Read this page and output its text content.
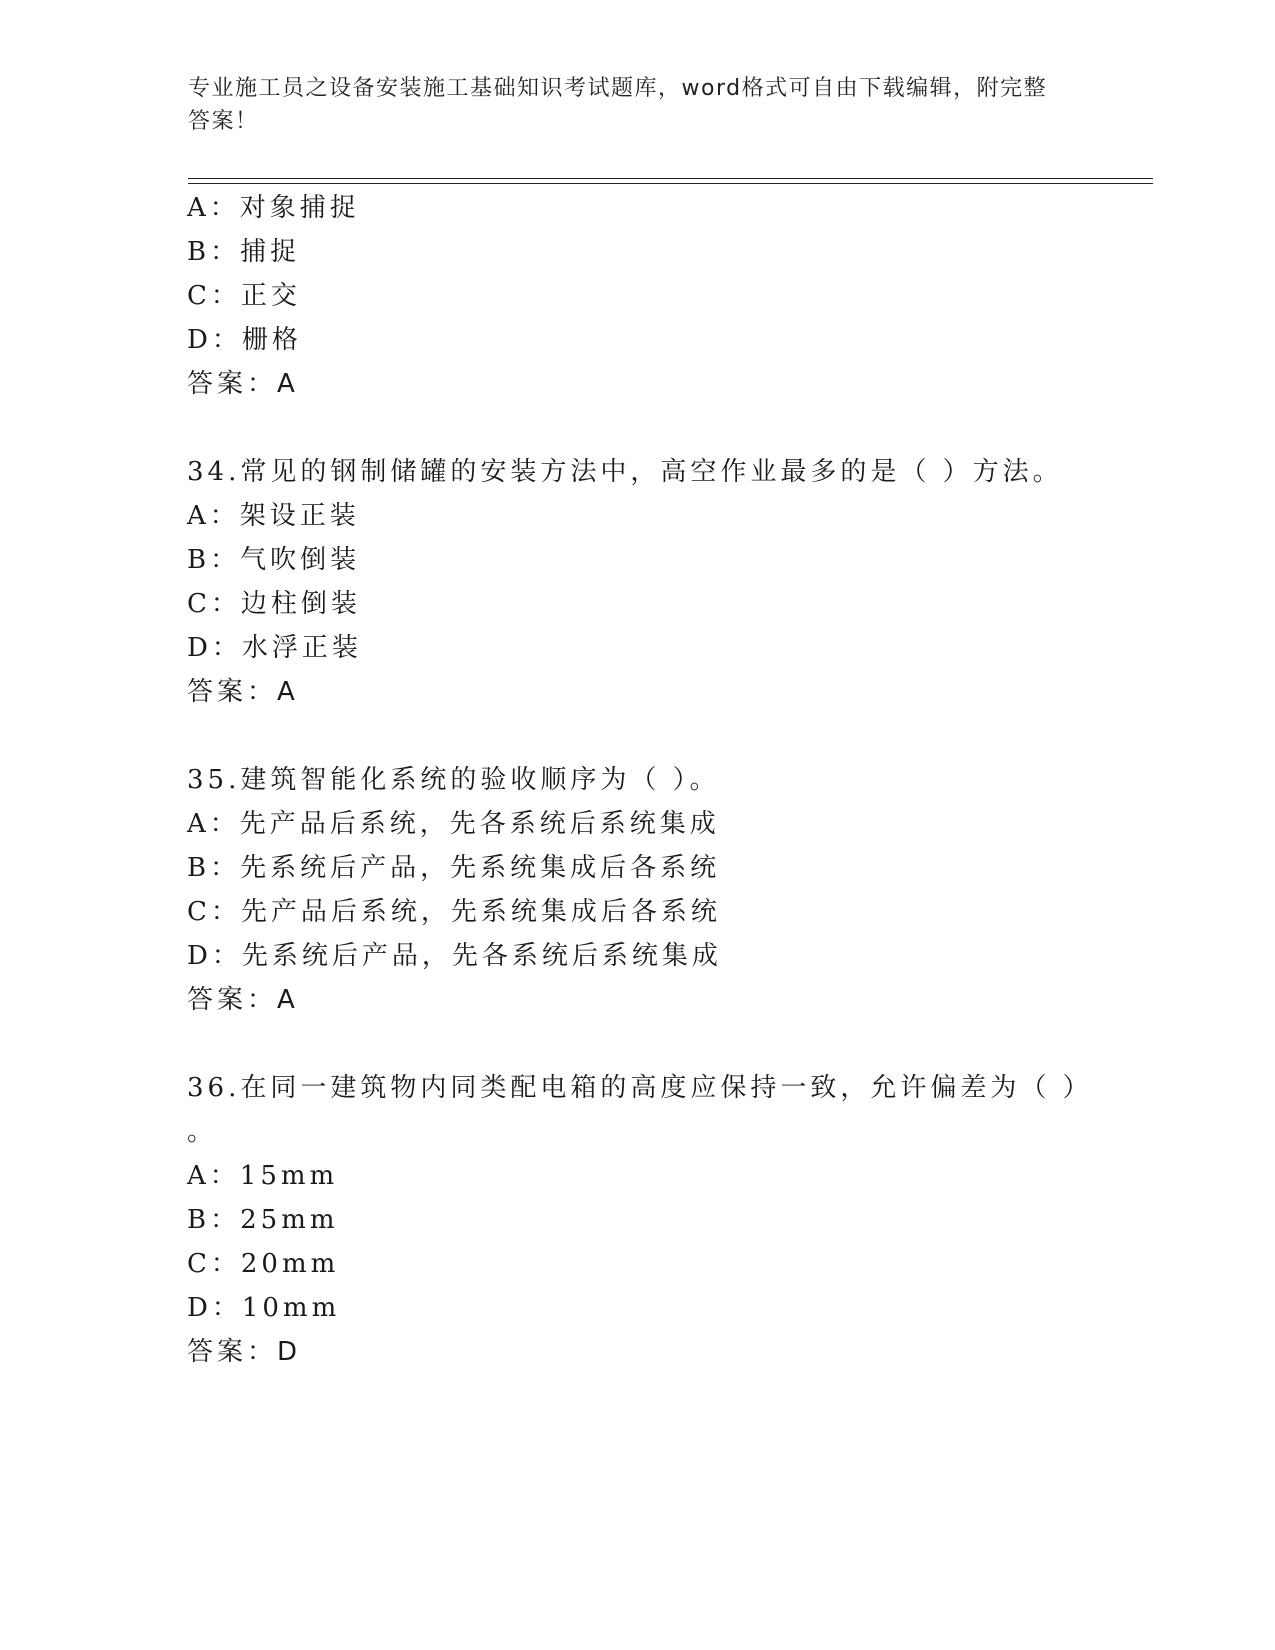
专业施工员之设备安装施工基础知识考试题库，word格式可自由下载编辑，附完整答案！
A：对象捕捉
B：捕捉
C：正交
D：栅格
答案：A
34.常见的钢制储罐的安装方法中，高空作业最多的是（ ）方法。
A：架设正装
B：气吹倒装
C：边柱倒装
D：水浮正装
答案：A
35.建筑智能化系统的验收顺序为（ ）。
A：先产品后系统，先各系统后系统集成
B：先系统后产品，先系统集成后各系统
C：先产品后系统，先系统集成后各系统
D：先系统后产品，先各系统后系统集成
答案：A
36.在同一建筑物内同类配电箱的高度应保持一致，允许偏差为（ ）
。
A：15mm
B：25mm
C：20mm
D：10mm
答案：D
